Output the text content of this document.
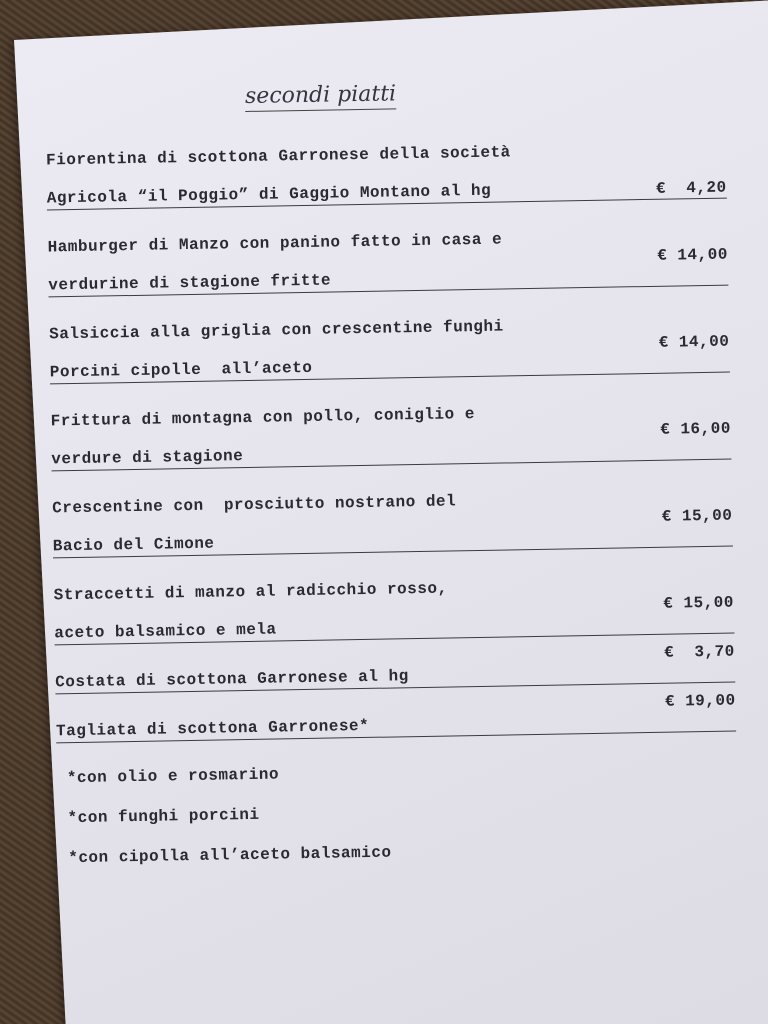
secondi piatti
Fiorentina di scottona Garronese della società
Agricola “il Poggio” di Gaggio Montano al hg	€  4,20
Hamburger di Manzo con panino fatto in casa e
verdurine di stagione fritte
€ 14,00
Salsiccia alla griglia con crescentine funghi
Porcini cipolle  all’aceto
€ 14,00
Frittura di montagna con pollo, coniglio e
verdure di stagione
€ 16,00
Crescentine con  prosciutto nostrano del
Bacio del Cimone
€ 15,00
Straccetti di manzo al radicchio rosso,
aceto balsamico e mela
€ 15,00
Costata di scottona Garronese al hg
€  3,70
Tagliata di scottona Garronese*
€ 19,00
*con olio e rosmarino
*con funghi porcini
*con cipolla all’aceto balsamico
